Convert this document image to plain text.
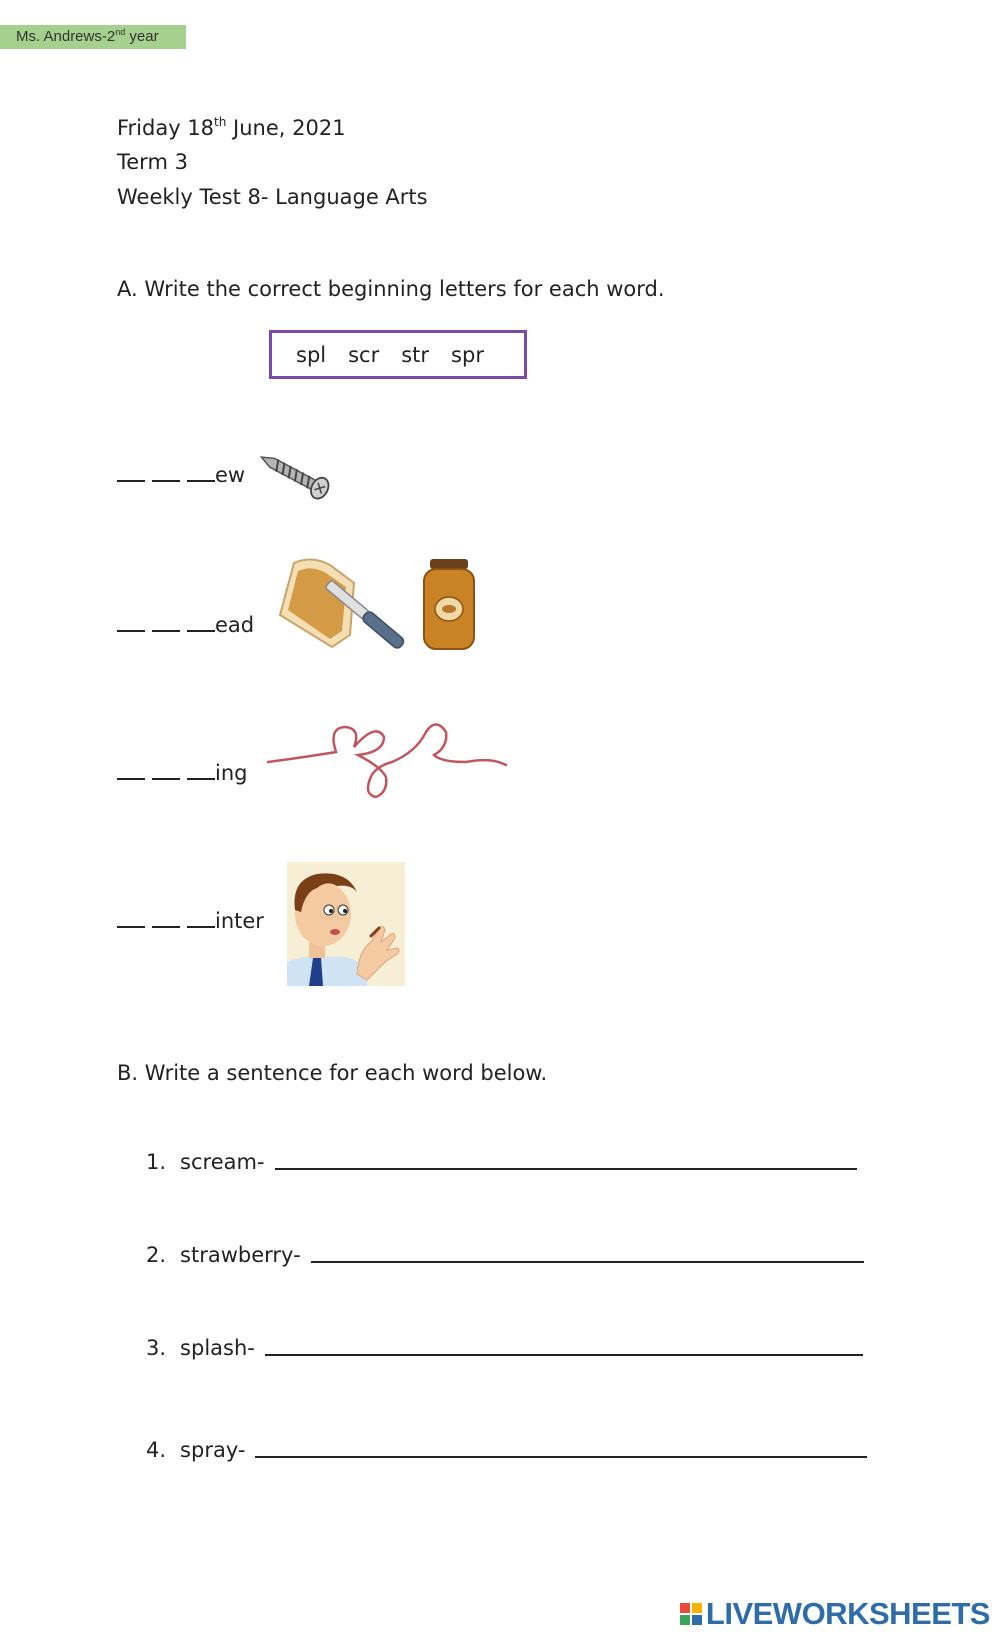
Ms. Andrews-2nd year
Friday 18th June, 2021
Term 3
Weekly Test 8- Language Arts
A. Write the correct beginning letters for each word.
spl scr str spr
ew
ead
ing
inter
B. Write a sentence for each word below.
1. scream-
2. strawberry-
3. splash-
4. spray-
LIVEWORKSHEETS
